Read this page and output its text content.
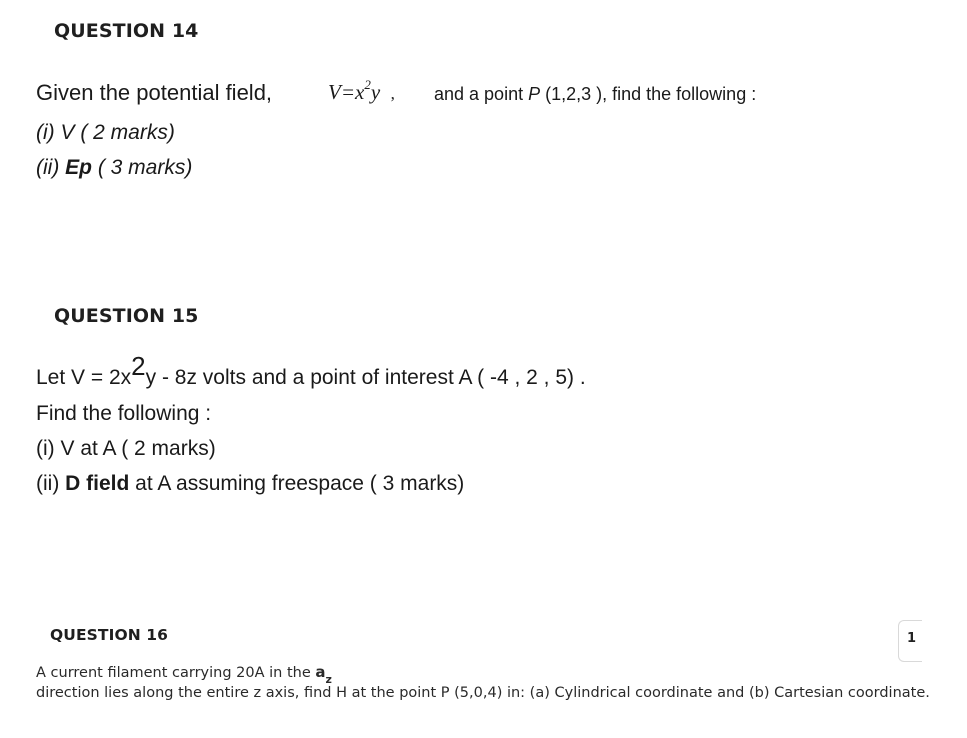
QUESTION 14
Given the potential field,	$V=x^2y$ , and a point P (1,2,3 ), find the following :
(i) V ( 2 marks)
(ii) Ep ( 3 marks)
QUESTION 15
Let V = 2x2y - 8z volts and a point of interest A ( -4 , 2 , 5) .
Find the following :
(i) V at A ( 2 marks)
(ii) D field at A assuming freespace ( 3 marks)
QUESTION 16
A current filament carrying 20A in the $a_z$
direction lies along the entire z axis, find H at the point P (5,0,4) in: (a) Cylindrical coordinate and (b) Cartesian coordinate.
1
